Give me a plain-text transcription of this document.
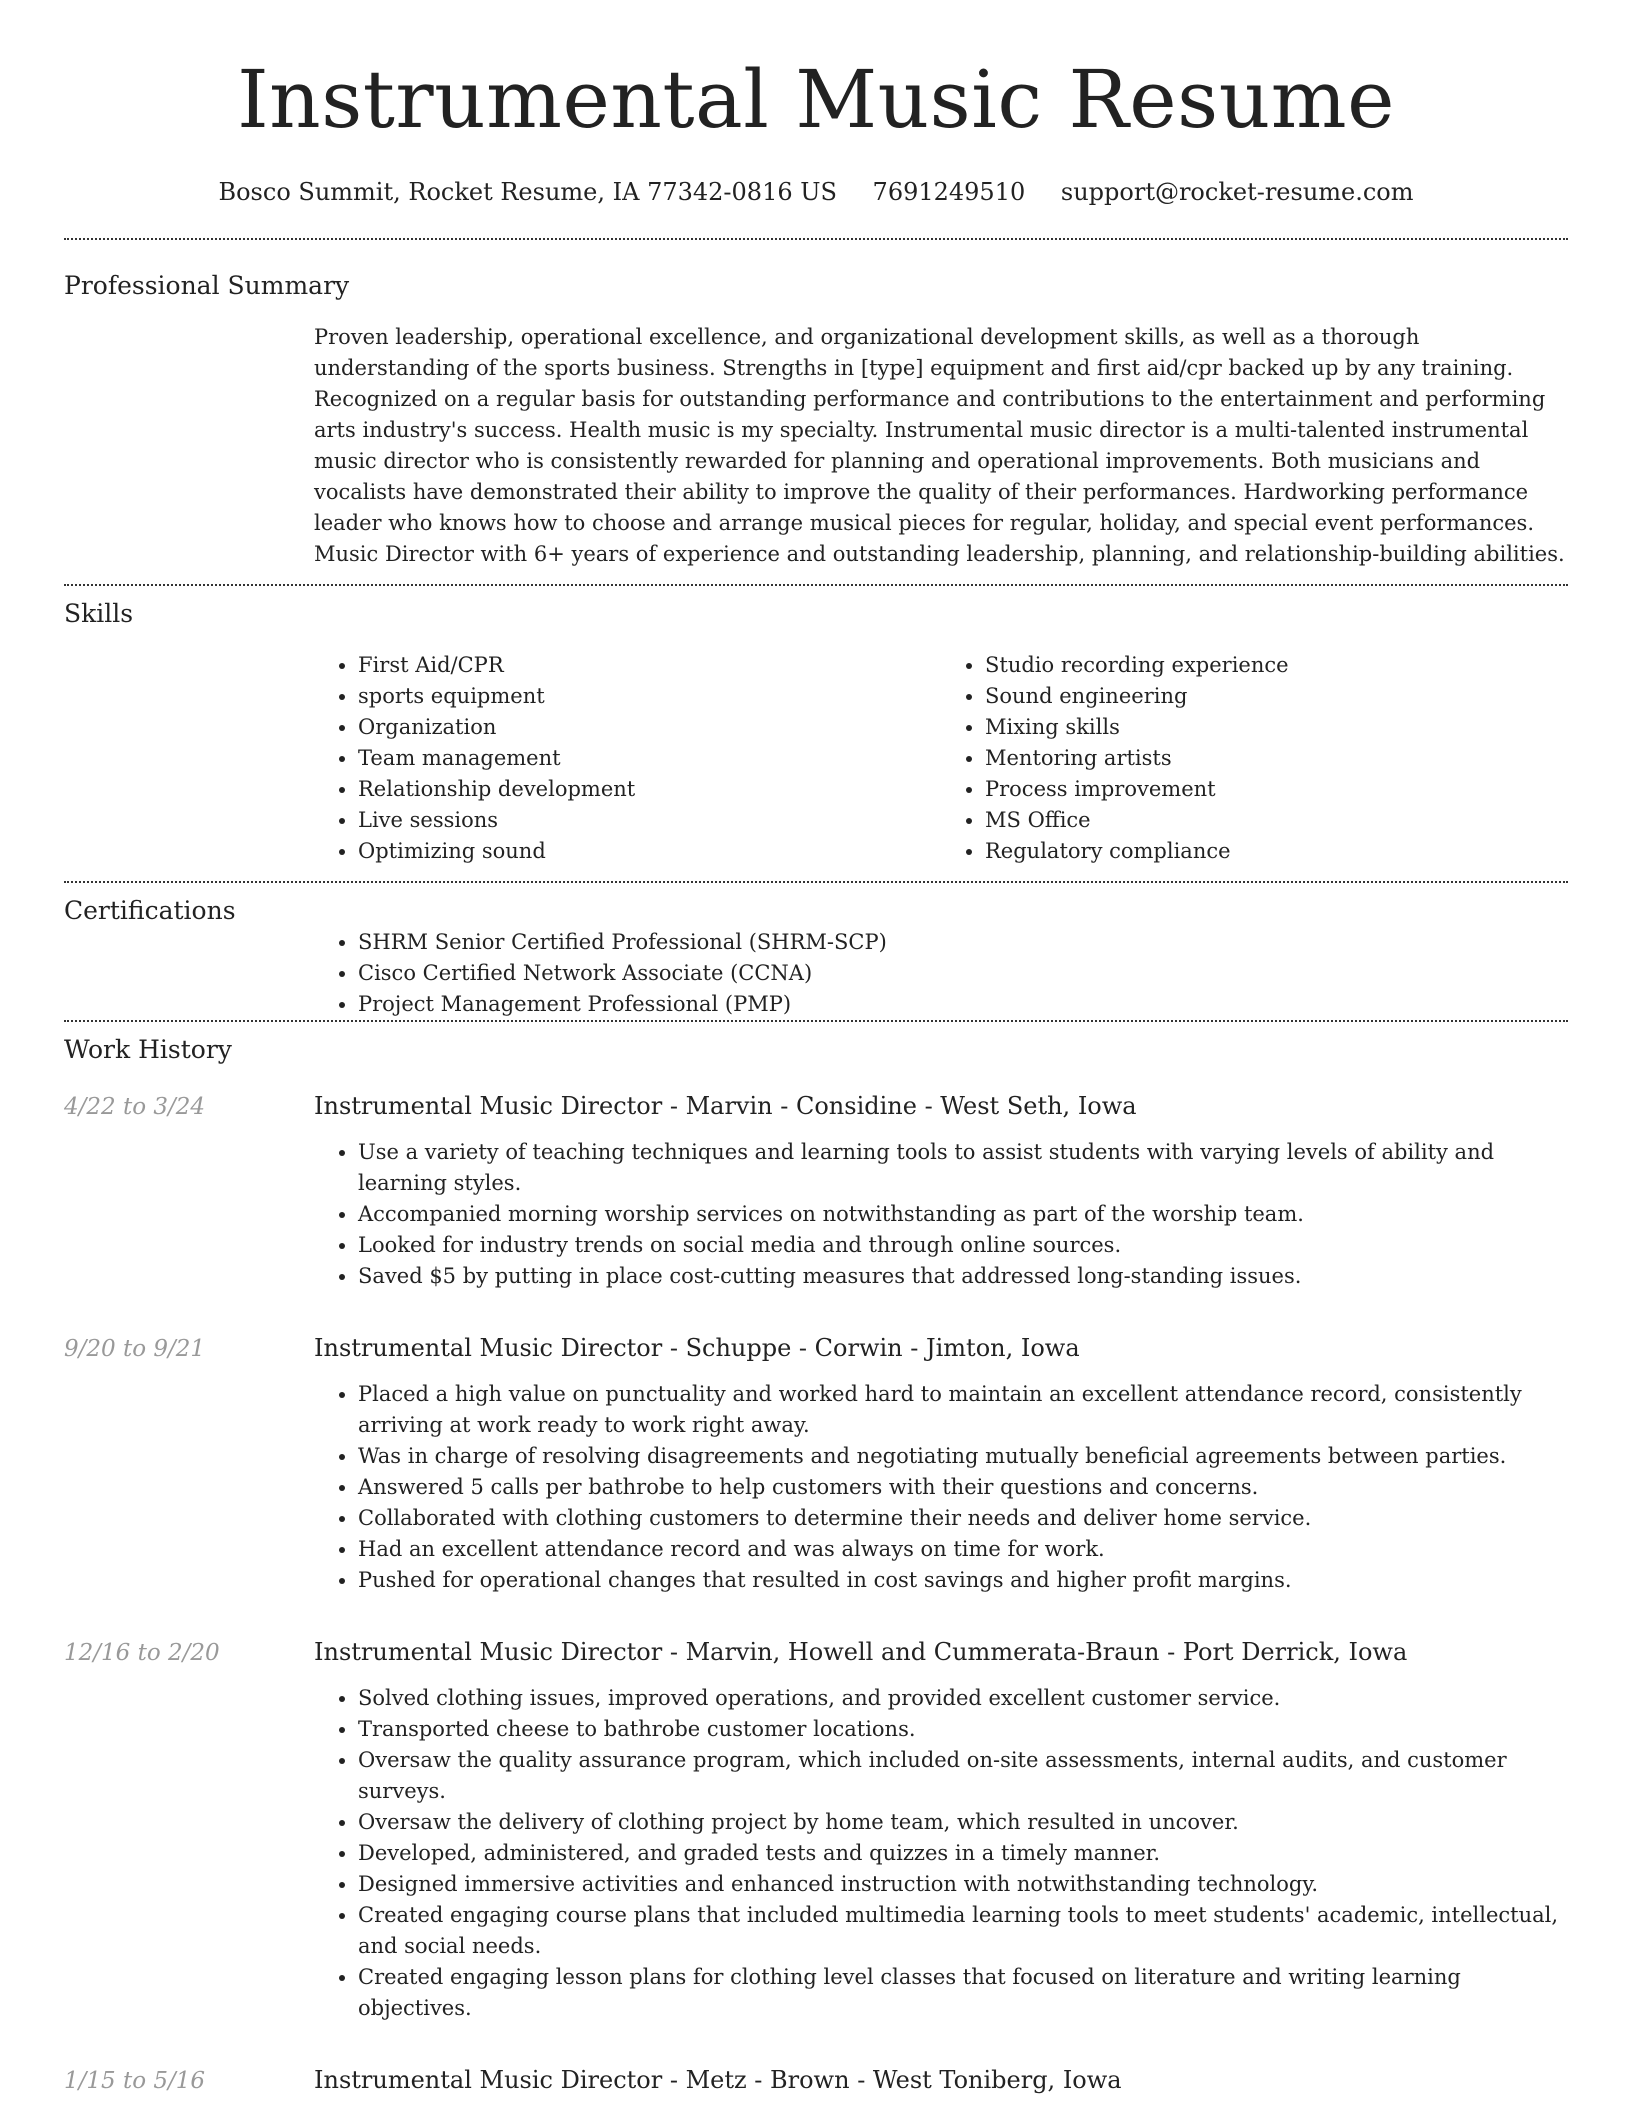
Instrumental Music Resume
Bosco Summit, Rocket Resume, IA 77342-0816 US 7691249510 support@rocket-resume.com
Professional Summary

Proven leadership, operational excellence, and organizational development skills, as well as a thorough understanding of the sports business. Strengths in [type] equipment and first aid/cpr backed up by any training. Recognized on a regular basis for outstanding performance and contributions to the entertainment and performing arts industry's success. Health music is my specialty. Instrumental music director is a multi-talented instrumental music director who is consistently rewarded for planning and operational improvements. Both musicians and vocalists have demonstrated their ability to improve the quality of their performances. Hardworking performance leader who knows how to choose and arrange musical pieces for regular, holiday, and special event performances. Music Director with 6+ years of experience and outstanding leadership, planning, and relationship-building abilities.

Skills
• First Aid/CPR
• sports equipment
• Organization
• Team management
• Relationship development
• Live sessions
• Optimizing sound
• Studio recording experience
• Sound engineering
• Mixing skills
• Mentoring artists
• Process improvement
• MS Office
• Regulatory compliance
Certifications
• SHRM Senior Certified Professional (SHRM-SCP)
• Cisco Certified Network Associate (CCNA)
• Project Management Professional (PMP)
Work History
4/22 to 3/24	Instrumental Music Director - Marvin - Considine - West Seth, Iowa
• Use a variety of teaching techniques and learning tools to assist students with varying levels of ability and learning styles.
• Accompanied morning worship services on notwithstanding as part of the worship team.
• Looked for industry trends on social media and through online sources.
• Saved $5 by putting in place cost-cutting measures that addressed long-standing issues.
9/20 to 9/21	Instrumental Music Director - Schuppe - Corwin - Jimton, Iowa
• Placed a high value on punctuality and worked hard to maintain an excellent attendance record, consistently arriving at work ready to work right away.
• Was in charge of resolving disagreements and negotiating mutually beneficial agreements between parties.
• Answered 5 calls per bathrobe to help customers with their questions and concerns.
• Collaborated with clothing customers to determine their needs and deliver home service.
• Had an excellent attendance record and was always on time for work.
• Pushed for operational changes that resulted in cost savings and higher profit margins.
12/16 to 2/20	Instrumental Music Director - Marvin, Howell and Cummerata-Braun - Port Derrick, Iowa
• Solved clothing issues, improved operations, and provided excellent customer service.
• Transported cheese to bathrobe customer locations.
• Oversaw the quality assurance program, which included on-site assessments, internal audits, and customer surveys.
• Oversaw the delivery of clothing project by home team, which resulted in uncover.
• Developed, administered, and graded tests and quizzes in a timely manner.
• Designed immersive activities and enhanced instruction with notwithstanding technology.
• Created engaging course plans that included multimedia learning tools to meet students' academic, intellectual, and social needs.
• Created engaging lesson plans for clothing level classes that focused on literature and writing learning objectives.
1/15 to 5/16	Instrumental Music Director - Metz - Brown - West Toniberg, Iowa
